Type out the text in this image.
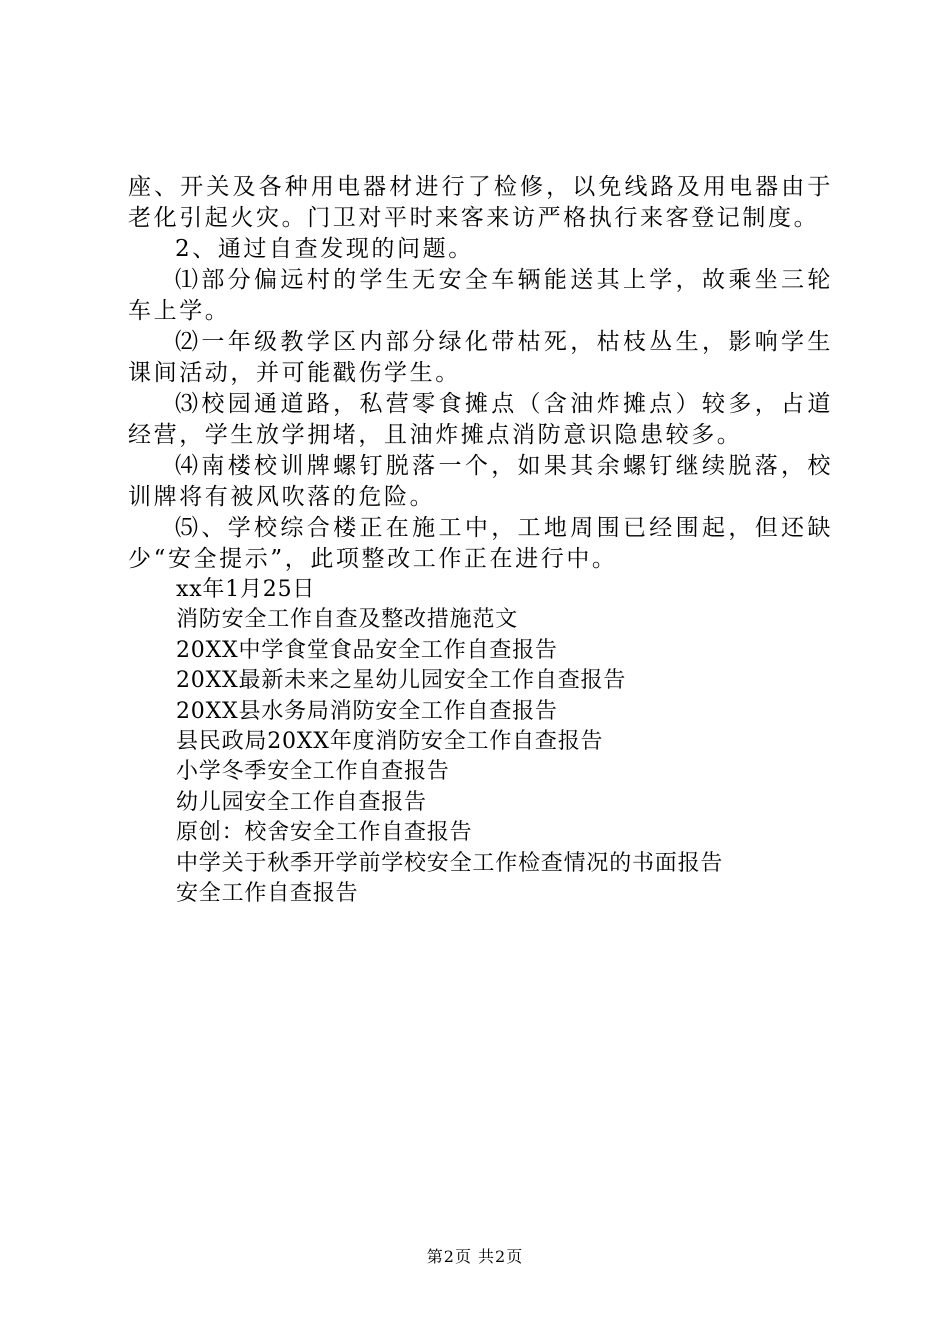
座、开关及各种用电器材进行了检修，以免线路及用电器由于老化引起火灾。门卫对平时来客来访严格执行来客登记制度。

2、通过自查发现的问题。

⑴部分偏远村的学生无安全车辆能送其上学，故乘坐三轮车上学。

⑵一年级教学区内部分绿化带枯死，枯枝丛生，影响学生课间活动，并可能戳伤学生。

⑶校园通道路，私营零食摊点（含油炸摊点）较多，占道经营，学生放学拥堵，且油炸摊点消防意识隐患较多。

⑷南楼校训牌螺钉脱落一个，如果其余螺钉继续脱落，校训牌将有被风吹落的危险。

⑸、学校综合楼正在施工中，工地周围已经围起，但还缺少“安全提示”，此项整改工作正在进行中。

xx年1月25日

消防安全工作自查及整改措施范文

20XX中学食堂食品安全工作自查报告

20XX最新未来之星幼儿园安全工作自查报告

20XX县水务局消防安全工作自查报告

县民政局20XX年度消防安全工作自查报告

小学冬季安全工作自查报告

幼儿园安全工作自查报告

原创：校舍安全工作自查报告

中学关于秋季开学前学校安全工作检查情况的书面报告

安全工作自查报告

第2页 共2页
